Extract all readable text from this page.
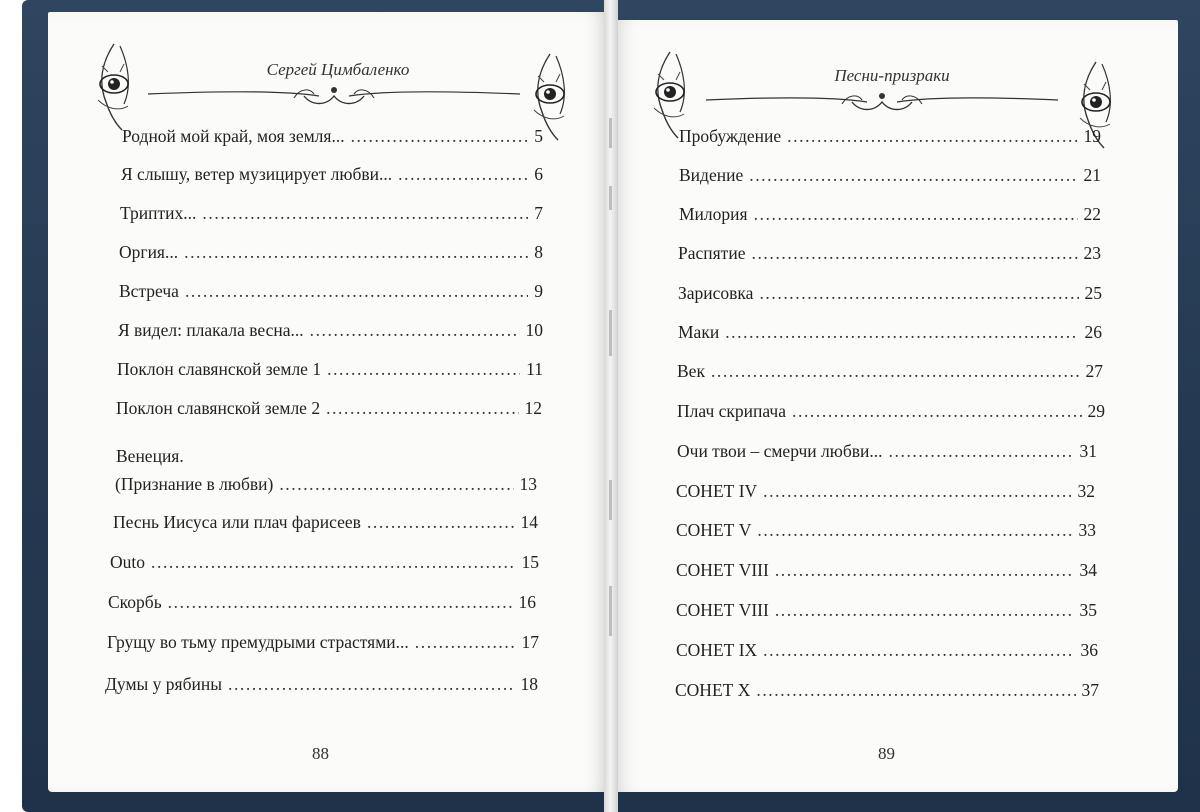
Сергей Цимбаленко
Родной мой край, моя земля... .....	5
Я слышу, ветер музицирует любви... .....	6
Триптих... .....	7
Оргия... .....	8
Встреча .....	9
Я видел: плакала весна... .....	10
Поклон славянской земле 1 .....	11
Поклон славянской земле 2 .....	12
Венеция.
(Признание в любви) .....	13
Песнь Иисуса или плач фарисеев .....	14
Outo .....	15
Скорбь .....	16
Грущу во тьму премудрыми страстями... .....	17
Думы у рябины .....	18
88
Песни-призраки
Пробуждение .....	19
Видение .....	21
Милория .....	22
Распятие .....	23
Зарисовка .....	25
Маки .....	26
Век .....	27
Плач скрипача .....	29
Очи твои – смерчи любви... .....	31
СОНЕТ IV .....	32
СОНЕТ V .....	33
СОНЕТ VIII .....	34
СОНЕТ VIII .....	35
СОНЕТ IX .....	36
СОНЕТ X .....	37
89
